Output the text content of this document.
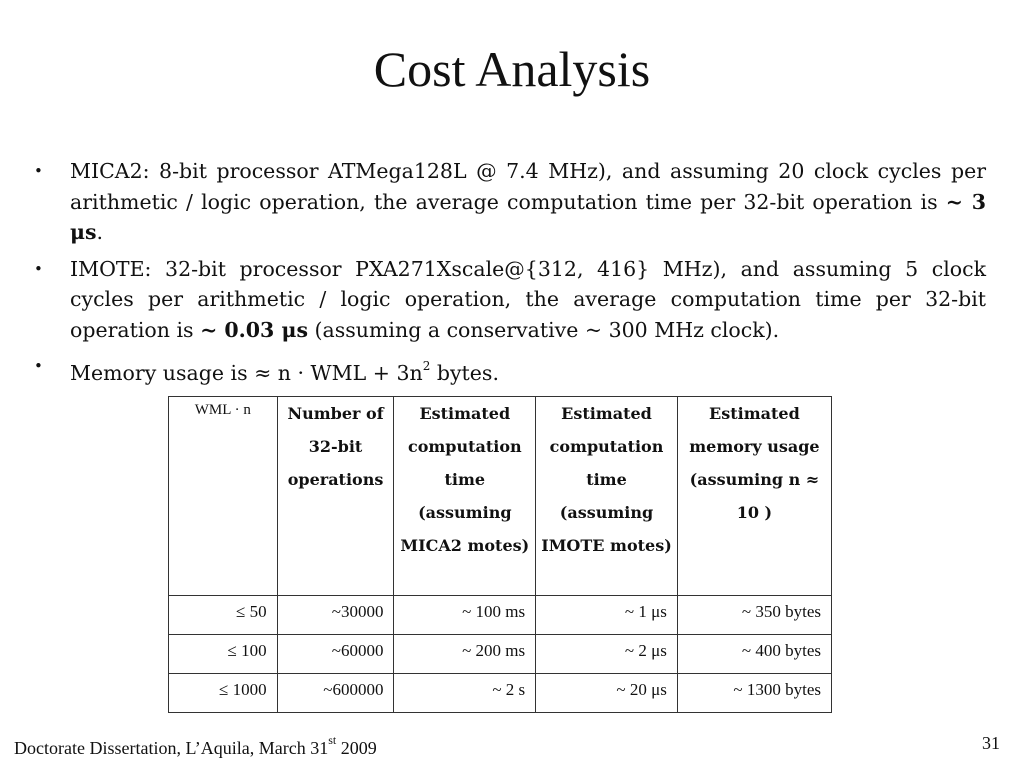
Cost Analysis
• MICA2: 8-bit processor ATMega128L @ 7.4 MHz), and assuming 20 clock cycles per arithmetic / logic operation, the average computation time per 32-bit operation is ~ 3 μs.
• IMOTE: 32-bit processor PXA271Xscale@{312, 416} MHz), and assuming 5 clock cycles per arithmetic / logic operation, the average computation time per 32-bit operation is ~ 0.03 μs (assuming a conservative ~ 300 MHz clock).
• Memory usage is ≈ n · WML + $3n^2$ bytes.
WML · n	Number of 32-bit operations	Estimated computation time (assuming MICA2 motes)	Estimated computation time (assuming IMOTE motes)	Estimated memory usage (assuming n ≈ 10 )
≤ 50	~30000	~ 100 ms	~ 1 μs	~ 350 bytes
≤ 100	~60000	~ 200 ms	~ 2 μs	~ 400 bytes
≤ 1000	~600000	~ 2 s	~ 20 μs	~ 1300 bytes
Doctorate Dissertation, L’Aquila, March 31st 2009	31
